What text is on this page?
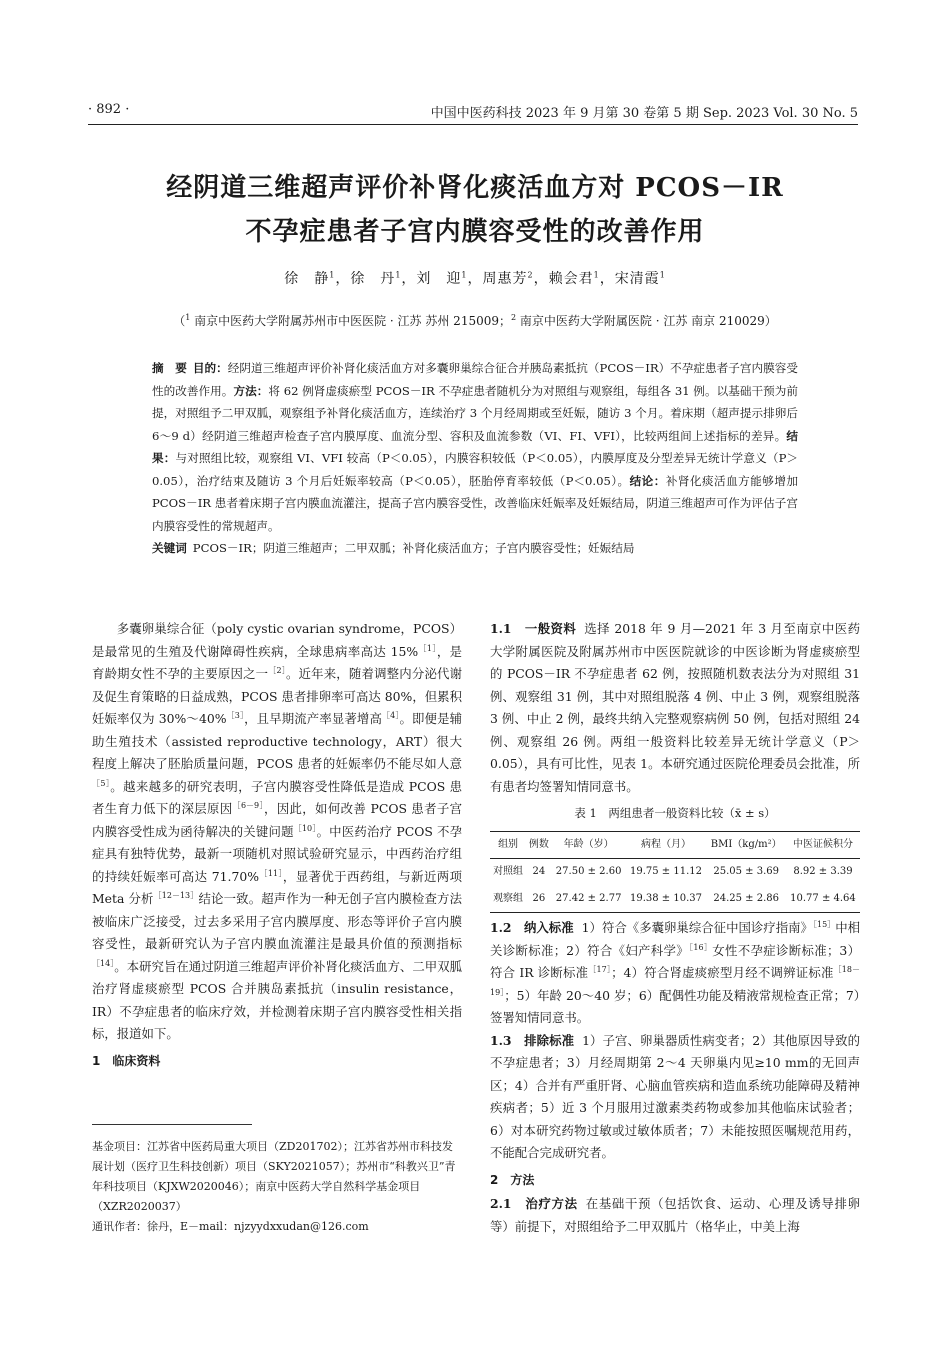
· 892 ·	中国中医药科技 2023 年 9 月第 30 卷第 5 期 Sep. 2023 Vol. 30 No. 5
经阴道三维超声评价补肾化痰活血方对 PCOS－IR
不孕症患者子宫内膜容受性的改善作用
徐　静$^1$，徐　丹$^1$，刘　迎$^1$，周惠芳$^2$，赖会君$^1$，宋清霞$^1$
（$^1$ 南京中医药大学附属苏州市中医医院 · 江苏 苏州 215009；$^2$ 南京中医药大学附属医院 · 江苏 南京 210029）

摘　要 目的：经阴道三维超声评价补肾化痰活血方对多囊卵巢综合征合并胰岛素抵抗（PCOS－IR）不孕症患者子宫内膜容受性的改善作用。方法：将 62 例肾虚痰瘀型 PCOS－IR 不孕症患者随机分为对照组与观察组，每组各 31 例。以基础干预为前提，对照组予二甲双胍，观察组予补肾化痰活血方，连续治疗 3 个月经周期或至妊娠，随访 3 个月。着床期（超声提示排卵后 6～9 d）经阴道三维超声检查子宫内膜厚度、血流分型、容积及血流参数（VI、FI、VFI），比较两组间上述指标的差异。结果：与对照组比较，观察组 VI、VFI 较高（P＜0.05），内膜容积较低（P＜0.05），内膜厚度及分型差异无统计学意义（P＞0.05），治疗结束及随访 3 个月后妊娠率较高（P＜0.05），胚胎停育率较低（P＜0.05）。结论：补肾化痰活血方能够增加 PCOS－IR 患者着床期子宫内膜血流灌注，提高子宫内膜容受性，改善临床妊娠率及妊娠结局，阴道三维超声可作为评估子宫内膜容受性的常规超声。

关键词 PCOS－IR；阴道三维超声；二甲双胍；补肾化痰活血方；子宫内膜容受性；妊娠结局

多囊卵巢综合征（poly cystic ovarian syndrome，PCOS）是最常见的生殖及代谢障碍性疾病，全球患病率高达 15%$^{[1]}$，是育龄期女性不孕的主要原因之一$^{[2]}$。近年来，随着调整内分泌代谢及促生育策略的日益成熟，PCOS 患者排卵率可高达 80%，但累积妊娠率仅为 30%～40%$^{[3]}$，且早期流产率显著增高$^{[4]}$。即便是辅助生殖技术（assisted reproductive technology，ART）很大程度上解决了胚胎质量问题，PCOS 患者的妊娠率仍不能尽如人意$^{[5]}$。越来越多的研究表明，子宫内膜容受性降低是造成 PCOS 患者生育力低下的深层原因$^{[6-9]}$，因此，如何改善 PCOS 患者子宫内膜容受性成为函待解决的关键问题$^{[10]}$。中医药治疗 PCOS 不孕症具有独特优势，最新一项随机对照试验研究显示，中西药治疗组的持续妊娠率可高达 71.70%$^{[11]}$，显著优于西药组，与新近两项 Meta 分析$^{[12-13]}$结论一致。超声作为一种无创子宫内膜检查方法被临床广泛接受，过去多采用子宫内膜厚度、形态等评价子宫内膜容受性，最新研究认为子宫内膜血流灌注是最具价值的预测指标$^{[14]}$。本研究旨在通过阴道三维超声评价补肾化痰活血方、二甲双胍治疗肾虚痰瘀型 PCOS 合并胰岛素抵抗（insulin resistance，IR）不孕症患者的临床疗效，并检测着床期子宫内膜容受性相关指标，报道如下。

1　临床资料

基金项目：江苏省中医药局重大项目（ZD201702）；江苏省苏州市科技发展计划（医疗卫生科技创新）项目（SKY2021057）；苏州市“科教兴卫”青年科技项目（KJXW2020046）；南京中医药大学自然科学基金项目（XZR2020037）

通讯作者：徐丹，E－mail：njzyydxxudan@126.com

1.1　一般资料 选择 2018 年 9 月—2021 年 3 月至南京中医药大学附属医院及附属苏州市中医医院就诊的中医诊断为肾虚痰瘀型的 PCOS－IR 不孕症患者 62 例，按照随机数表法分为对照组 31 例、观察组 31 例，其中对照组脱落 4 例、中止 3 例，观察组脱落 3 例、中止 2 例，最终共纳入完整观察病例 50 例，包括对照组 24 例、观察组 26 例。两组一般资料比较差异无统计学意义（P＞0.05），具有可比性，见表 1。本研究通过医院伦理委员会批准，所有患者均签署知情同意书。

表 1　两组患者一般资料比较（x̄ ± s）
组别	例数	年龄（岁）	病程（月）	BMI（kg/m²）	中医证候积分
对照组	24	27.50 ± 2.60	19.75 ± 11.12	25.05 ± 3.69	8.92 ± 3.39
观察组	26	27.42 ± 2.77	19.38 ± 10.37	24.25 ± 2.86	10.77 ± 4.64

1.2　纳入标准 1）符合《多囊卵巢综合征中国诊疗指南》$^{[15]}$中相关诊断标准；2）符合《妇产科学》$^{[16]}$女性不孕症诊断标准；3）符合 IR 诊断标准$^{[17]}$；4）符合肾虚痰瘀型月经不调辨证标准$^{[18-19]}$；5）年龄 20～40 岁；6）配偶性功能及精液常规检查正常；7）签署知情同意书。

1.3　排除标准 1）子宫、卵巢器质性病变者；2）其他原因导致的不孕症患者；3）月经周期第 2～4 天卵巢内见≥10 mm的无回声区；4）合并有严重肝肾、心脑血管疾病和造血系统功能障碍及精神疾病者；5）近 3 个月服用过激素类药物或参加其他临床试验者；6）对本研究药物过敏或过敏体质者；7）未能按照医嘱规范用药，不能配合完成研究者。

2　方法

2.1　治疗方法 在基础干预（包括饮食、运动、心理及诱导排卵等）前提下，对照组给予二甲双胍片（格华止，中美上海
